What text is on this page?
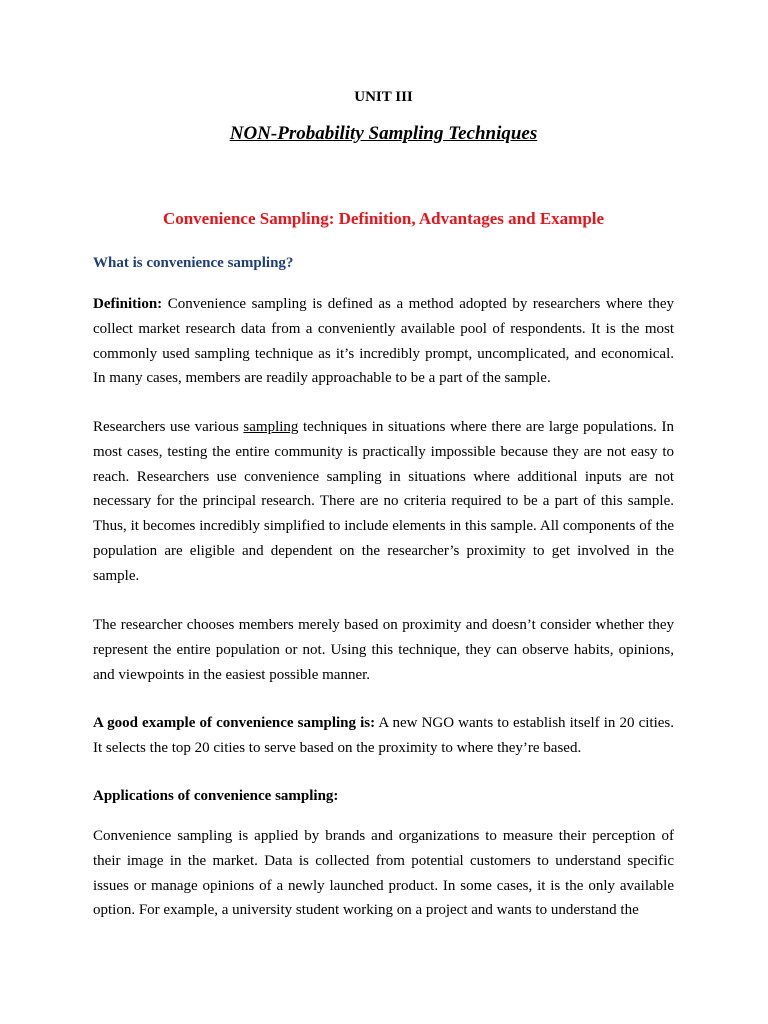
UNIT III
NON-Probability Sampling Techniques
Convenience Sampling: Definition, Advantages and Example
What is convenience sampling?

Definition: Convenience sampling is defined as a method adopted by researchers where they collect market research data from a conveniently available pool of respondents. It is the most commonly used sampling technique as it’s incredibly prompt, uncomplicated, and economical. In many cases, members are readily approachable to be a part of the sample.

Researchers use various sampling techniques in situations where there are large populations. In most cases, testing the entire community is practically impossible because they are not easy to reach. Researchers use convenience sampling in situations where additional inputs are not necessary for the principal research. There are no criteria required to be a part of this sample. Thus, it becomes incredibly simplified to include elements in this sample. All components of the population are eligible and dependent on the researcher’s proximity to get involved in the sample.

The researcher chooses members merely based on proximity and doesn’t consider whether they represent the entire population or not. Using this technique, they can observe habits, opinions, and viewpoints in the easiest possible manner.

A good example of convenience sampling is: A new NGO wants to establish itself in 20 cities. It selects the top 20 cities to serve based on the proximity to where they’re based.

Applications of convenience sampling:

Convenience sampling is applied by brands and organizations to measure their perception of their image in the market. Data is collected from potential customers to understand specific issues or manage opinions of a newly launched product. In some cases, it is the only available option. For example, a university student working on a project and wants to understand the
